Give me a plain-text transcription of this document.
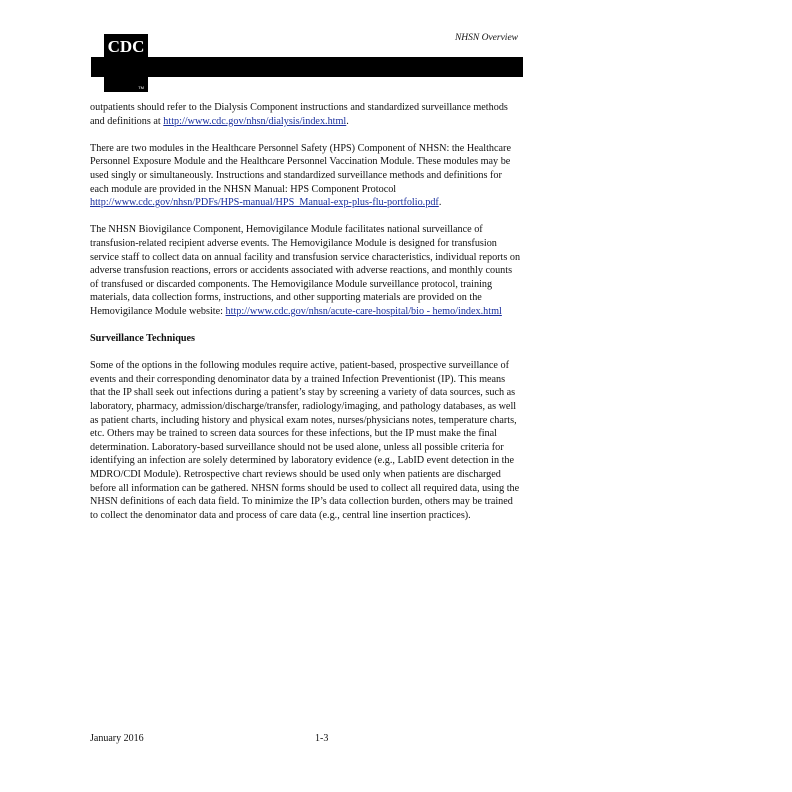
CDC
TM
NHSN Overview

outpatients should refer to the Dialysis Component instructions and standardized surveillance methods and definitions at http://www.cdc.gov/nhsn/dialysis/index.html.

There are two modules in the Healthcare Personnel Safety (HPS) Component of NHSN: the Healthcare Personnel Exposure Module and the Healthcare Personnel Vaccination Module. These modules may be used singly or simultaneously. Instructions and standardized surveillance methods and definitions for each module are provided in the NHSN Manual: HPS Component Protocol http://www.cdc.gov/nhsn/PDFs/HPS-manual/HPS_Manual-exp-plus-flu-portfolio.pdf.

The NHSN Biovigilance Component, Hemovigilance Module facilitates national surveillance of transfusion-related recipient adverse events. The Hemovigilance Module is designed for transfusion service staff to collect data on annual facility and transfusion service characteristics, individual reports on adverse transfusion reactions, errors or accidents associated with adverse reactions, and monthly counts of transfused or discarded components. The Hemovigilance Module surveillance protocol, training materials, data collection forms, instructions, and other supporting materials are provided on the Hemovigilance Module website: http://www.cdc.gov/nhsn/acute-care-hospital/bio - hemo/index.html

Surveillance Techniques

Some of the options in the following modules require active, patient-based, prospective surveillance of events and their corresponding denominator data by a trained Infection Preventionist (IP). This means that the IP shall seek out infections during a patient’s stay by screening a variety of data sources, such as laboratory, pharmacy, admission/discharge/transfer, radiology/imaging, and pathology databases, as well as patient charts, including history and physical exam notes, nurses/physicians notes, temperature charts, etc. Others may be trained to screen data sources for these infections, but the IP must make the final determination. Laboratory-based surveillance should not be used alone, unless all possible criteria for identifying an infection are solely determined by laboratory evidence (e.g., LabID event detection in the MDRO/CDI Module). Retrospective chart reviews should be used only when patients are discharged before all information can be gathered. NHSN forms should be used to collect all required data, using the NHSN definitions of each data field. To minimize the IP’s data collection burden, others may be trained to collect the denominator data and process of care data (e.g., central line insertion practices).

January 2016	1-3
